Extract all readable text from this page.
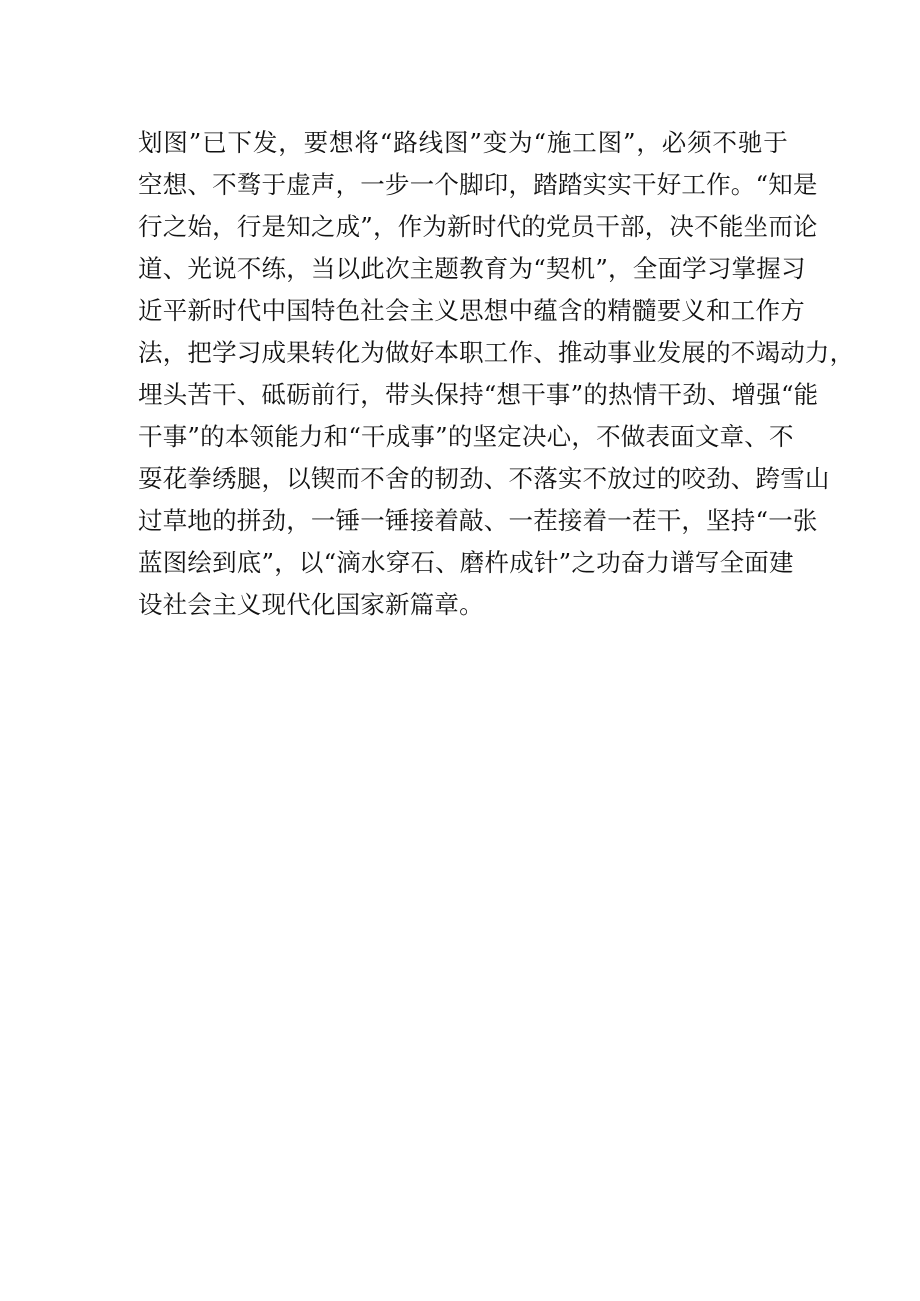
划图”已下发，要想将“路线图”变为“施工图”，必须不驰于
空想、不骛于虚声，一步一个脚印，踏踏实实干好工作。“知是
行之始，行是知之成”，作为新时代的党员干部，决不能坐而论
道、光说不练，当以此次主题教育为“契机”，全面学习掌握习
近平新时代中国特色社会主义思想中蕴含的精髓要义和工作方
法，把学习成果转化为做好本职工作、推动事业发展的不竭动力，
埋头苦干、砥砺前行，带头保持“想干事”的热情干劲、增强“能
干事”的本领能力和“干成事”的坚定决心，不做表面文章、不
耍花拳绣腿，以锲而不舍的韧劲、不落实不放过的咬劲、跨雪山
过草地的拼劲，一锤一锤接着敲、一茬接着一茬干，坚持“一张
蓝图绘到底”，以“滴水穿石、磨杵成针”之功奋力谱写全面建
设社会主义现代化国家新篇章。
